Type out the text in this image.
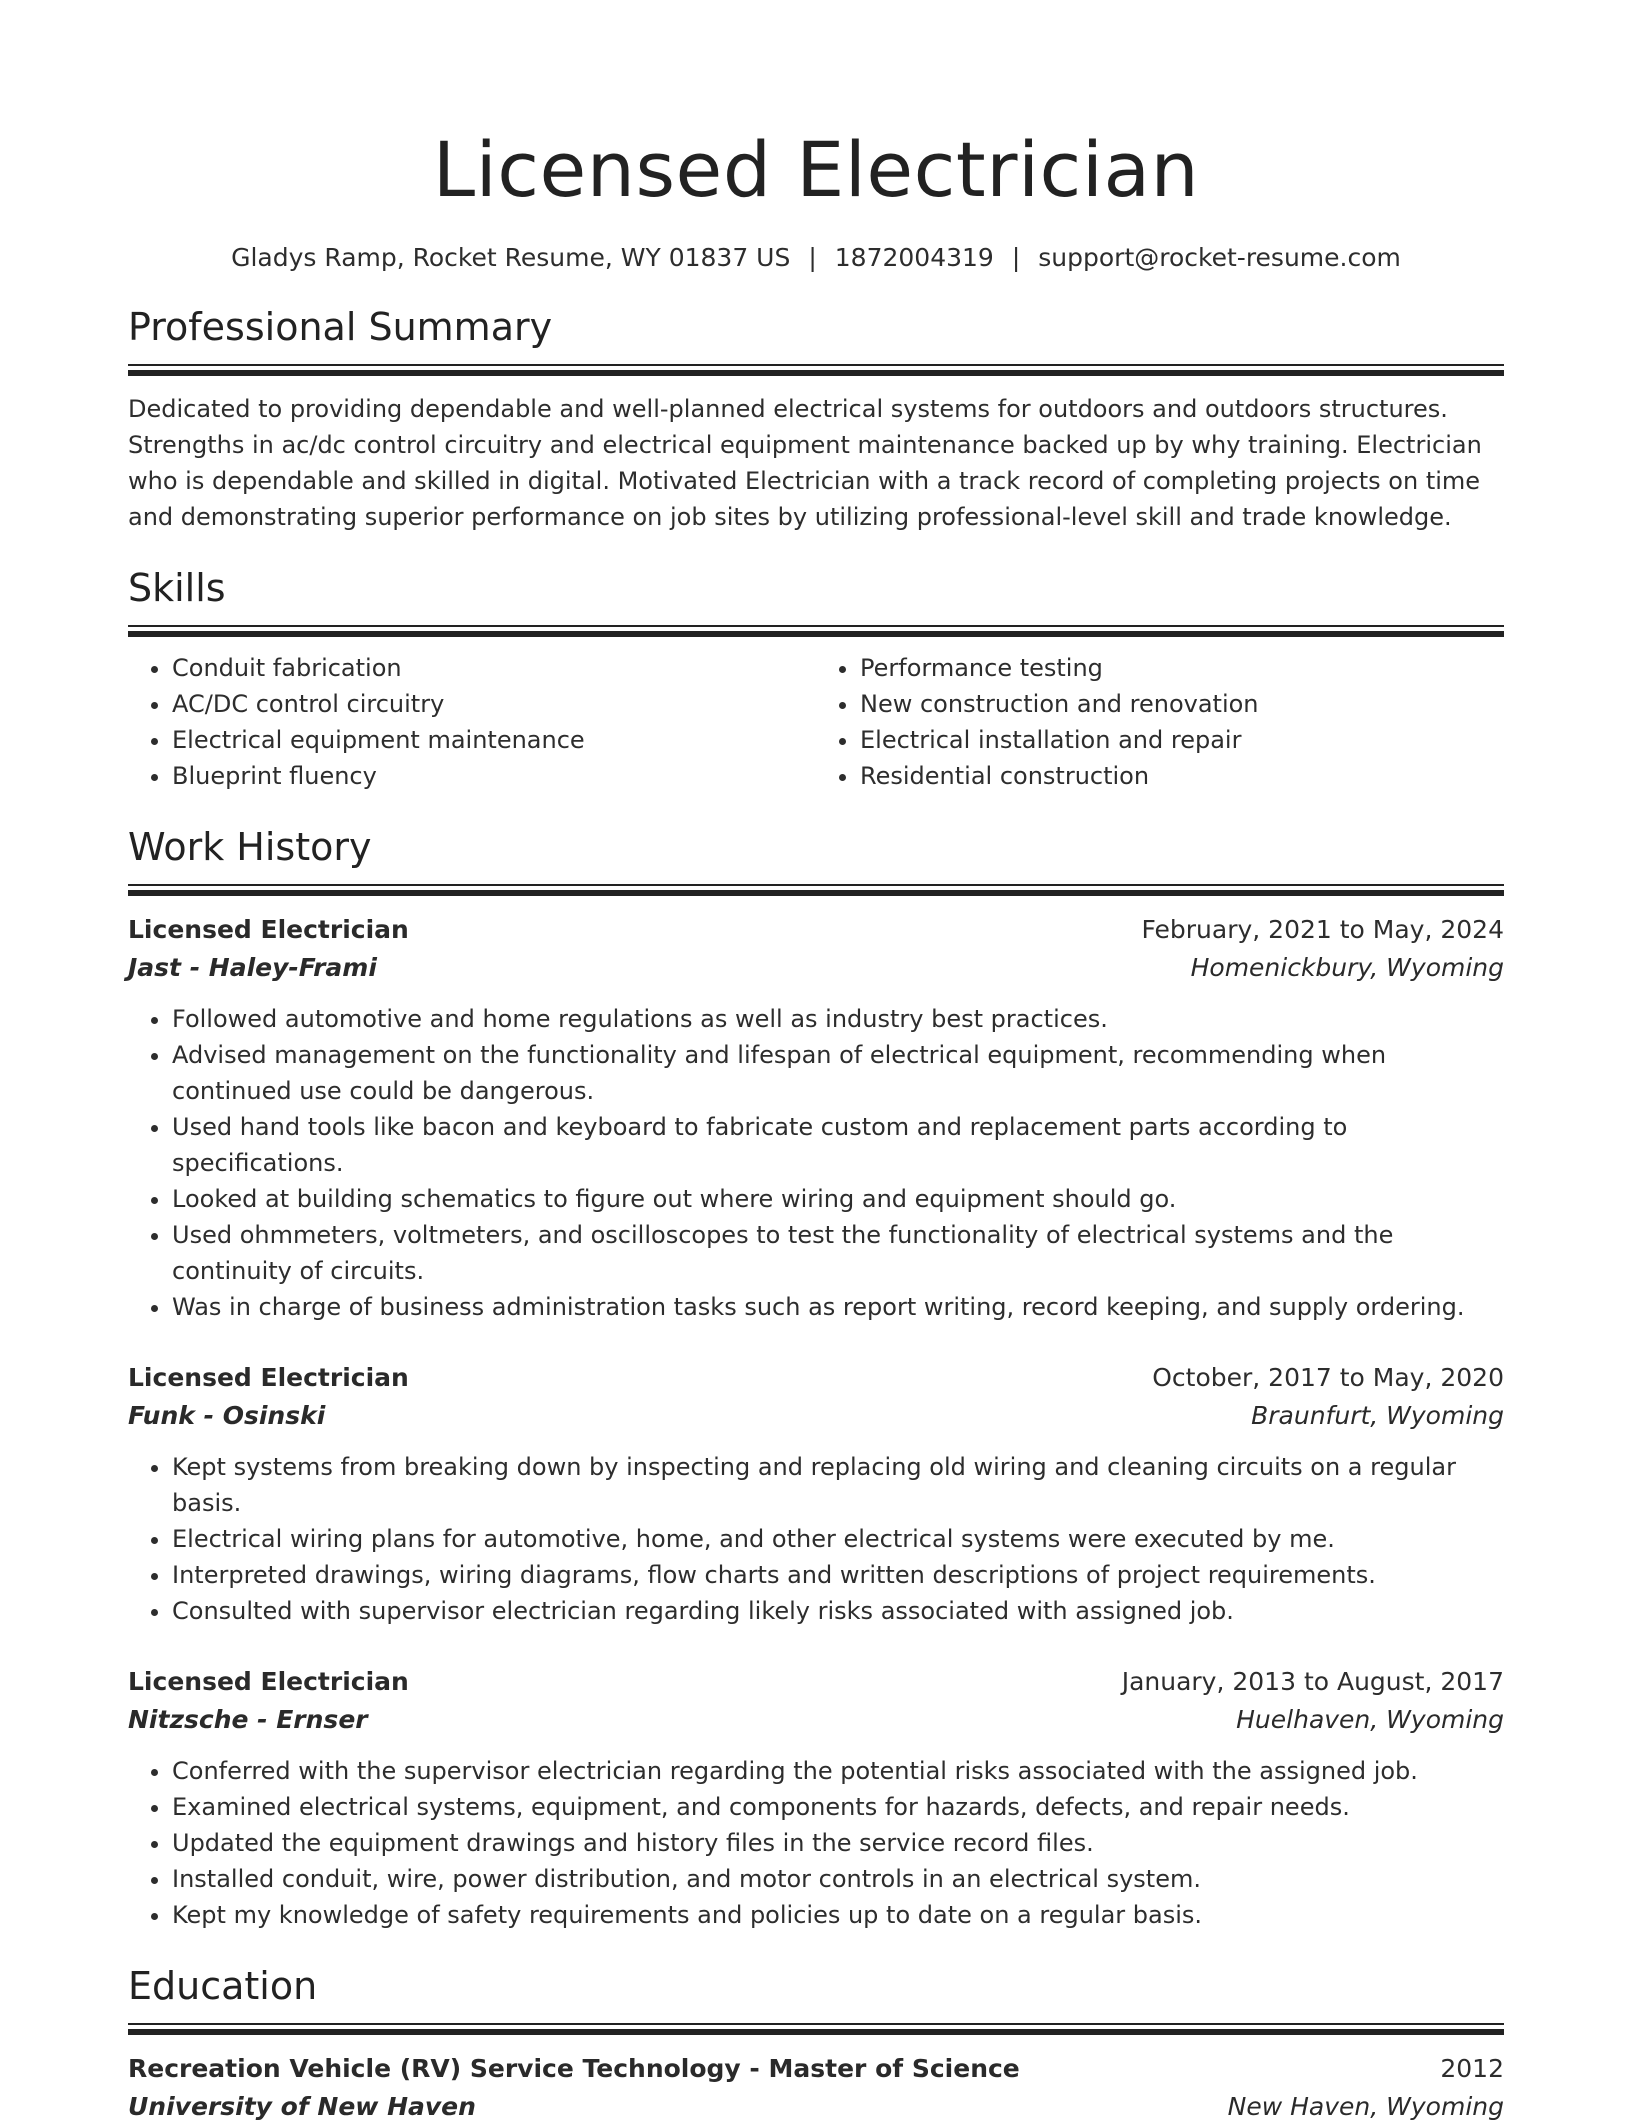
Licensed Electrician
Gladys Ramp, Rocket Resume, WY 01837 US | 1872004319 | support@rocket-resume.com
Professional Summary

Dedicated to providing dependable and well-planned electrical systems for outdoors and outdoors structures. Strengths in ac/dc control circuitry and electrical equipment maintenance backed up by why training. Electrician who is dependable and skilled in digital. Motivated Electrician with a track record of completing projects on time and demonstrating superior performance on job sites by utilizing professional-level skill and trade knowledge.

Skills
• Conduit fabrication
• AC/DC control circuitry
• Electrical equipment maintenance
• Blueprint fluency
• Performance testing
• New construction and renovation
• Electrical installation and repair
• Residential construction
Work History
Licensed Electrician	February, 2021 to May, 2024
Jast - Haley-Frami	Homenickbury, Wyoming
• Followed automotive and home regulations as well as industry best practices.
• Advised management on the functionality and lifespan of electrical equipment, recommending when continued use could be dangerous.
• Used hand tools like bacon and keyboard to fabricate custom and replacement parts according to specifications.
• Looked at building schematics to figure out where wiring and equipment should go.
• Used ohmmeters, voltmeters, and oscilloscopes to test the functionality of electrical systems and the continuity of circuits.
• Was in charge of business administration tasks such as report writing, record keeping, and supply ordering.
Licensed Electrician	October, 2017 to May, 2020
Funk - Osinski	Braunfurt, Wyoming
• Kept systems from breaking down by inspecting and replacing old wiring and cleaning circuits on a regular basis.
• Electrical wiring plans for automotive, home, and other electrical systems were executed by me.
• Interpreted drawings, wiring diagrams, flow charts and written descriptions of project requirements.
• Consulted with supervisor electrician regarding likely risks associated with assigned job.
Licensed Electrician	January, 2013 to August, 2017
Nitzsche - Ernser	Huelhaven, Wyoming
• Conferred with the supervisor electrician regarding the potential risks associated with the assigned job.
• Examined electrical systems, equipment, and components for hazards, defects, and repair needs.
• Updated the equipment drawings and history files in the service record files.
• Installed conduit, wire, power distribution, and motor controls in an electrical system.
• Kept my knowledge of safety requirements and policies up to date on a regular basis.
Education
Recreation Vehicle (RV) Service Technology - Master of Science	2012
University of New Haven	New Haven, Wyoming
